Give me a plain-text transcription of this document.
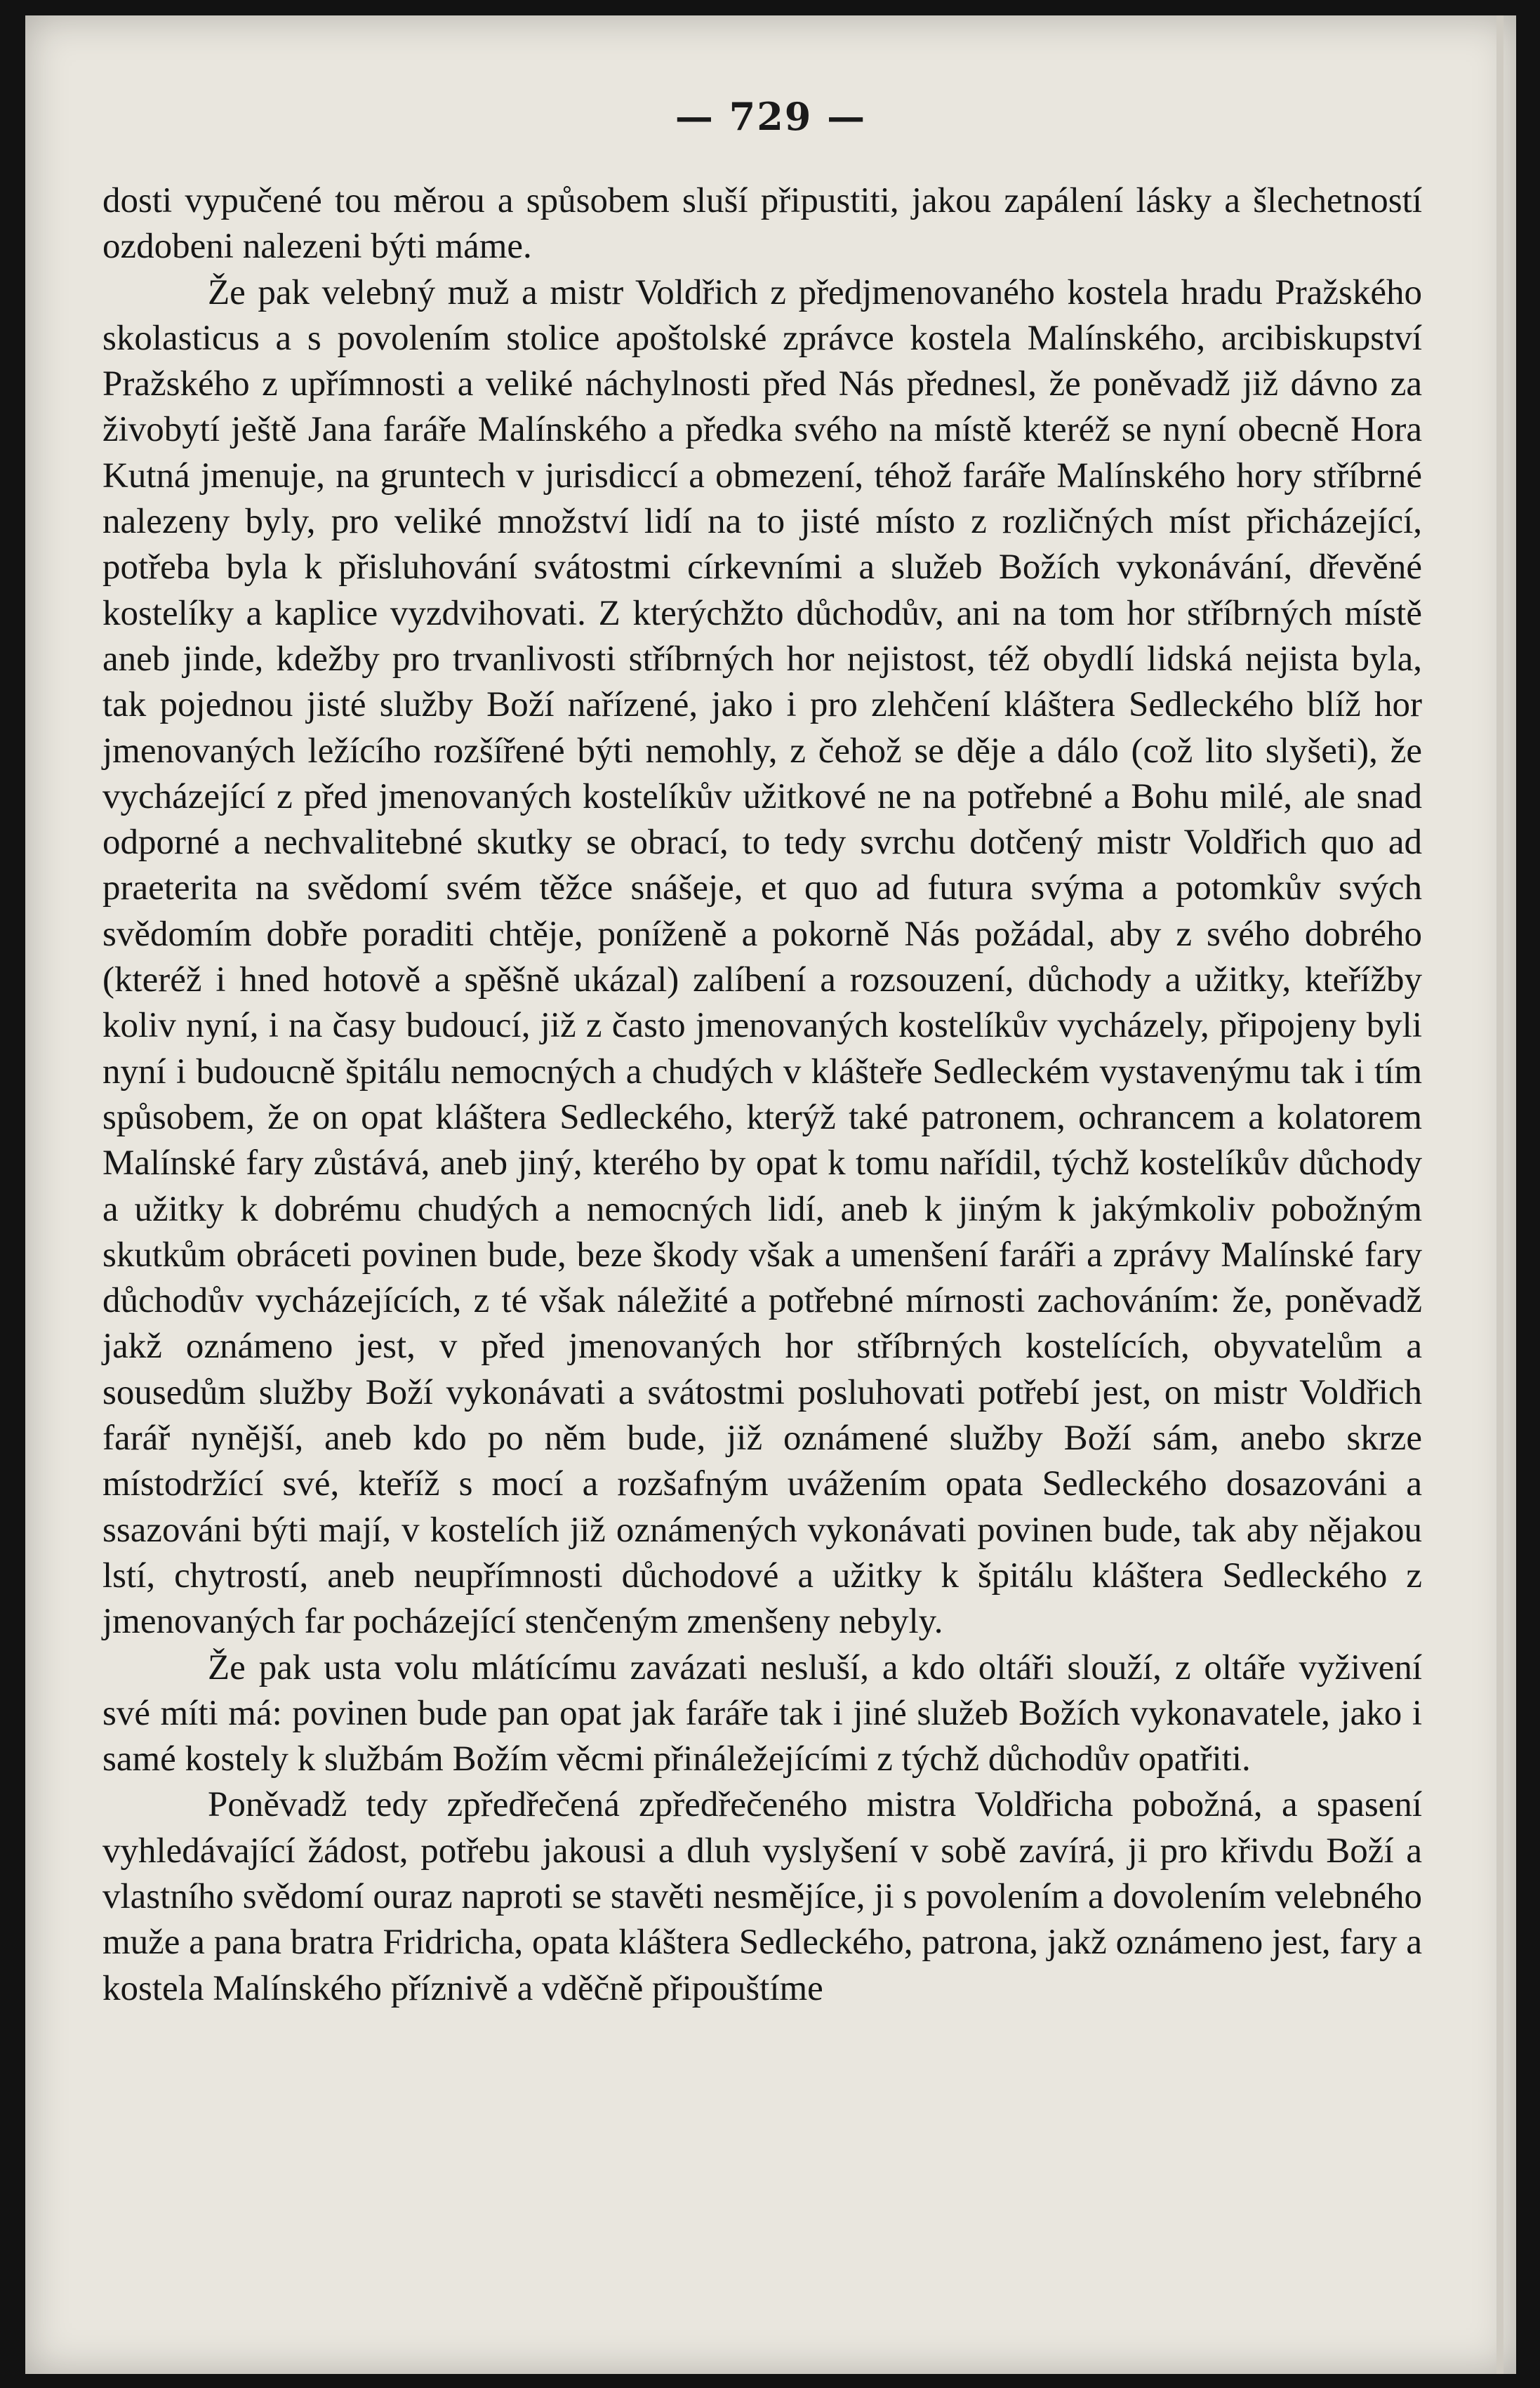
— 729 —

dosti vypučené tou měrou a spůsobem sluší připustiti, jakou zapálení lásky a šlechetností ozdobeni nalezeni býti máme.

Že pak velebný muž a mistr Voldřich z předjmenovaného kostela hradu Pražského skolasticus a s povolením stolice apoštolské zprávce kostela Malínského, arcibiskupství Pražského z upřímnosti a veliké náchylnosti před Nás přednesl, že poněvadž již dávno za živobytí ještě Jana faráře Malínského a předka svého na místě kteréž se nyní obecně Hora Kutná jmenuje, na gruntech v jurisdiccí a obmezení, téhož faráře Malínského hory stříbrné nalezeny byly, pro veliké množství lidí na to jisté místo z rozličných míst přicházející, potřeba byla k přisluhování svátostmi církevními a služeb Božích vykonávání, dřevěné kostelíky a kaplice vyzdvihovati. Z kterýchžto důchodův, ani na tom hor stříbrných místě aneb jinde, kdežby pro trvanlivosti stříbrných hor nejistost, též obydlí lidská nejista byla, tak pojednou jisté služby Boží nařízené, jako i pro zlehčení kláštera Sedleckého blíž hor jmenovaných ležícího rozšířené býti nemohly, z čehož se děje a dálo (což lito slyšeti), že vycházející z před jmenovaných kostelíkův užitkové ne na potřebné a Bohu milé, ale snad odporné a nechvalitebné skutky se obrací, to tedy svrchu dotčený mistr Voldřich quo ad praeterita na svědomí svém těžce snášeje, et quo ad futura svýma a potomkův svých svědomím dobře poraditi chtěje, poníženě a pokorně Nás požádal, aby z svého dobrého (kteréž i hned hotově a spěšně ukázal) zalíbení a rozsouzení, důchody a užitky, kteřížby koliv nyní, i na časy budoucí, již z často jmenovaných kostelíkův vycházely, připojeny byli nyní i budoucně špitálu nemocných a chudých v klášteře Sedleckém vystavenýmu tak i tím spůsobem, že on opat kláštera Sedleckého, kterýž také patronem, ochrancem a kolatorem Malínské fary zůstává, aneb jiný, kterého by opat k tomu nařídil, týchž kostelíkův důchody a užitky k dobrému chudých a nemocných lidí, aneb k jiným k jakýmkoliv pobožným skutkům obráceti povinen bude, beze škody však a umenšení faráři a zprávy Malínské fary důchodův vycházejících, z té však náležité a potřebné mírnosti zachováním: že, poněvadž jakž oznámeno jest, v před jmenovaných hor stříbrných kostelících, obyvatelům a sousedům služby Boží vykonávati a svátostmi posluhovati potřebí jest, on mistr Voldřich farář nynější, aneb kdo po něm bude, již oznámené služby Boží sám, anebo skrze místodržící své, kteříž s mocí a rozšafným uvážením opata Sedleckého dosazováni a ssazováni býti mají, v kostelích již oznámených vykonávati povinen bude, tak aby nějakou lstí, chytrostí, aneb neupřímnosti důchodové a užitky k špitálu kláštera Sedleckého z jmenovaných far pocházející stenčeným zmenšeny nebyly.

Že pak usta volu mlátícímu zavázati nesluší, a kdo oltáři slouží, z oltáře vyživení své míti má: povinen bude pan opat jak faráře tak i jiné služeb Božích vykonavatele, jako i samé kostely k službám Božím věcmi přináležejícími z týchž důchodův opatřiti.

Poněvadž tedy zpředřečená zpředřečeného mistra Voldřicha pobožná, a spasení vyhledávající žádost, potřebu jakousi a dluh vyslyšení v sobě zavírá, ji pro křivdu Boží a vlastního svědomí ouraz naproti se stavěti nesmějíce, ji s povolením a dovolením velebného muže a pana bratra Fridricha, opata kláštera Sedleckého, patrona, jakž oznámeno jest, fary a kostela Malínského příznivě a vděčně připouštíme
